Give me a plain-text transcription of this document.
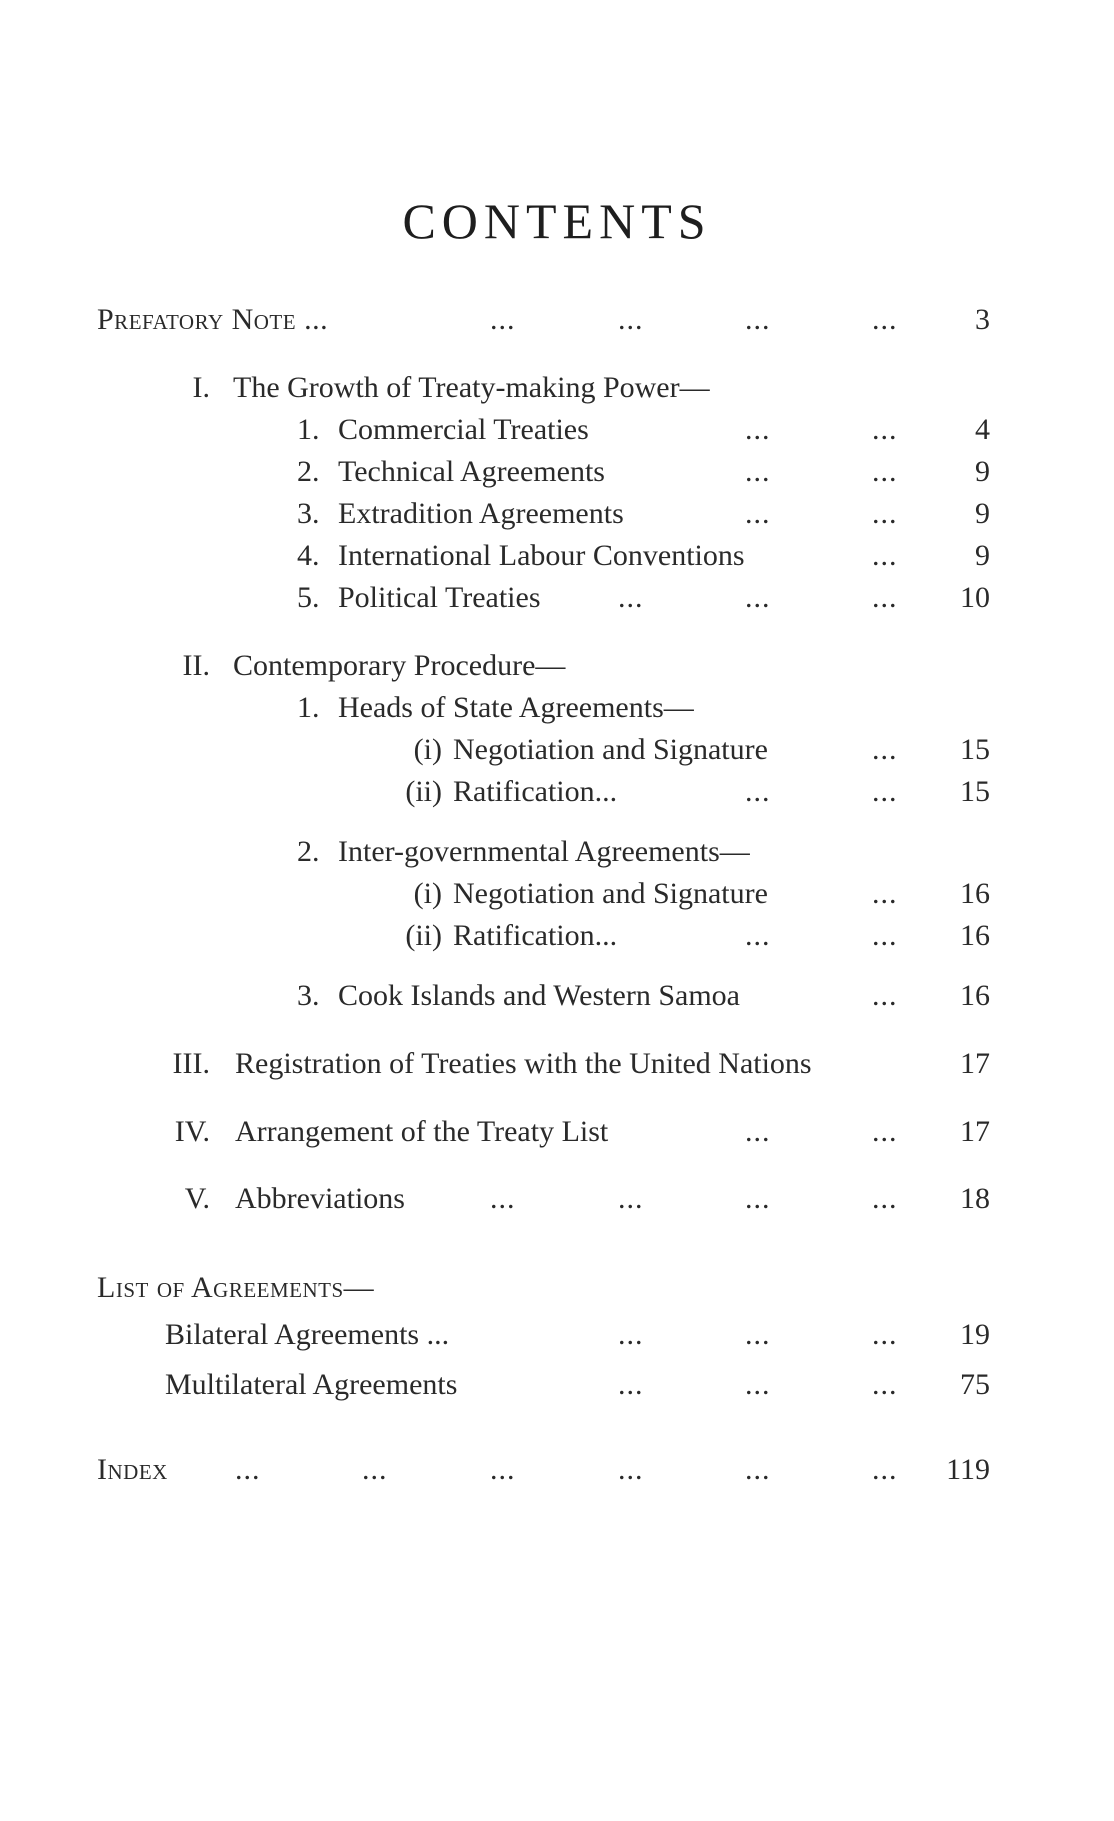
CONTENTS
Prefatory Note ...	...	...	...	...	3
I. The Growth of Treaty-making Power—
1. Commercial Treaties	...	...	4
2. Technical Agreements	...	...	9
3. Extradition Agreements	...	...	9
4. International Labour Conventions	...	9
5. Political Treaties	...	...	...	10
II. Contemporary Procedure—
1. Heads of State Agreements—
(i) Negotiation and Signature	...	15
(ii) Ratification...	...	...	15
2. Inter-governmental Agreements—
(i) Negotiation and Signature	...	16
(ii) Ratification...	...	...	16
3. Cook Islands and Western Samoa	...	16
III. Registration of Treaties with the United Nations	17
IV. Arrangement of the Treaty List	...	...	17
V. Abbreviations	...	...	...	...	18
List of Agreements—
Bilateral Agreements ...	...	...	...	19
Multilateral Agreements	...	...	...	75
Index ...	...	...	...	...	... 119
